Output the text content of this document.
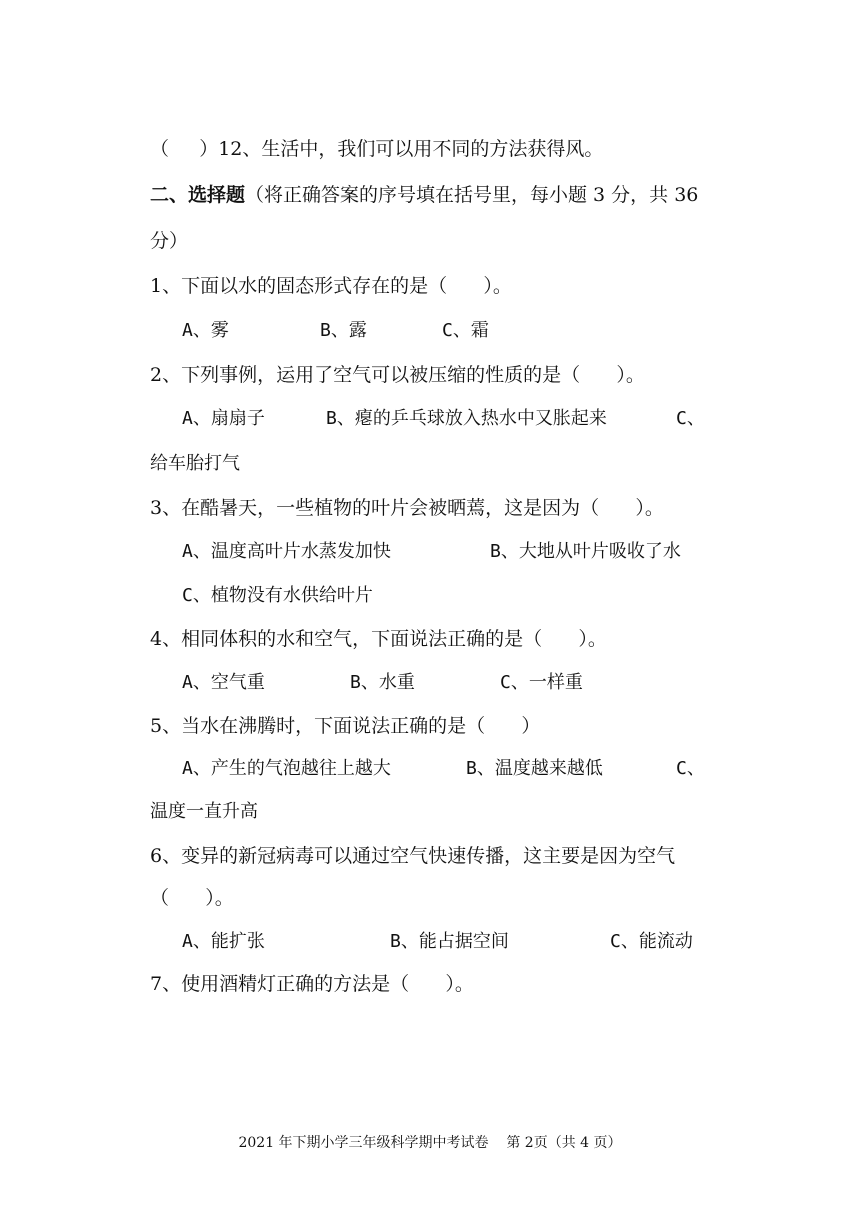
（     ）12、生活中，我们可以用不同的方法获得风。
二、选择题（将正确答案的序号填在括号里，每小题 3 分，共 36
分）
1、下面以水的固态形式存在的是（      ）。
A、雾	B、露	C、霜
2、下列事例，运用了空气可以被压缩的性质的是（      ）。
A、扇扇子	B、瘪的乒乓球放入热水中又胀起来	C、
给车胎打气
3、在酷暑天，一些植物的叶片会被晒蔫，这是因为（      ）。
A、温度高叶片水蒸发加快	B、大地从叶片吸收了水
C、植物没有水供给叶片
4、相同体积的水和空气，下面说法正确的是（      ）。
A、空气重	B、水重	C、一样重
5、当水在沸腾时，下面说法正确的是（      ）
A、产生的气泡越往上越大	B、温度越来越低	C、
温度一直升高
6、变异的新冠病毒可以通过空气快速传播，这主要是因为空气
（      ）。
A、能扩张	B、能占据空间	C、能流动
7、使用酒精灯正确的方法是（      ）。
2021 年下期小学三年级科学期中考试卷    第 2页（共 4 页）
